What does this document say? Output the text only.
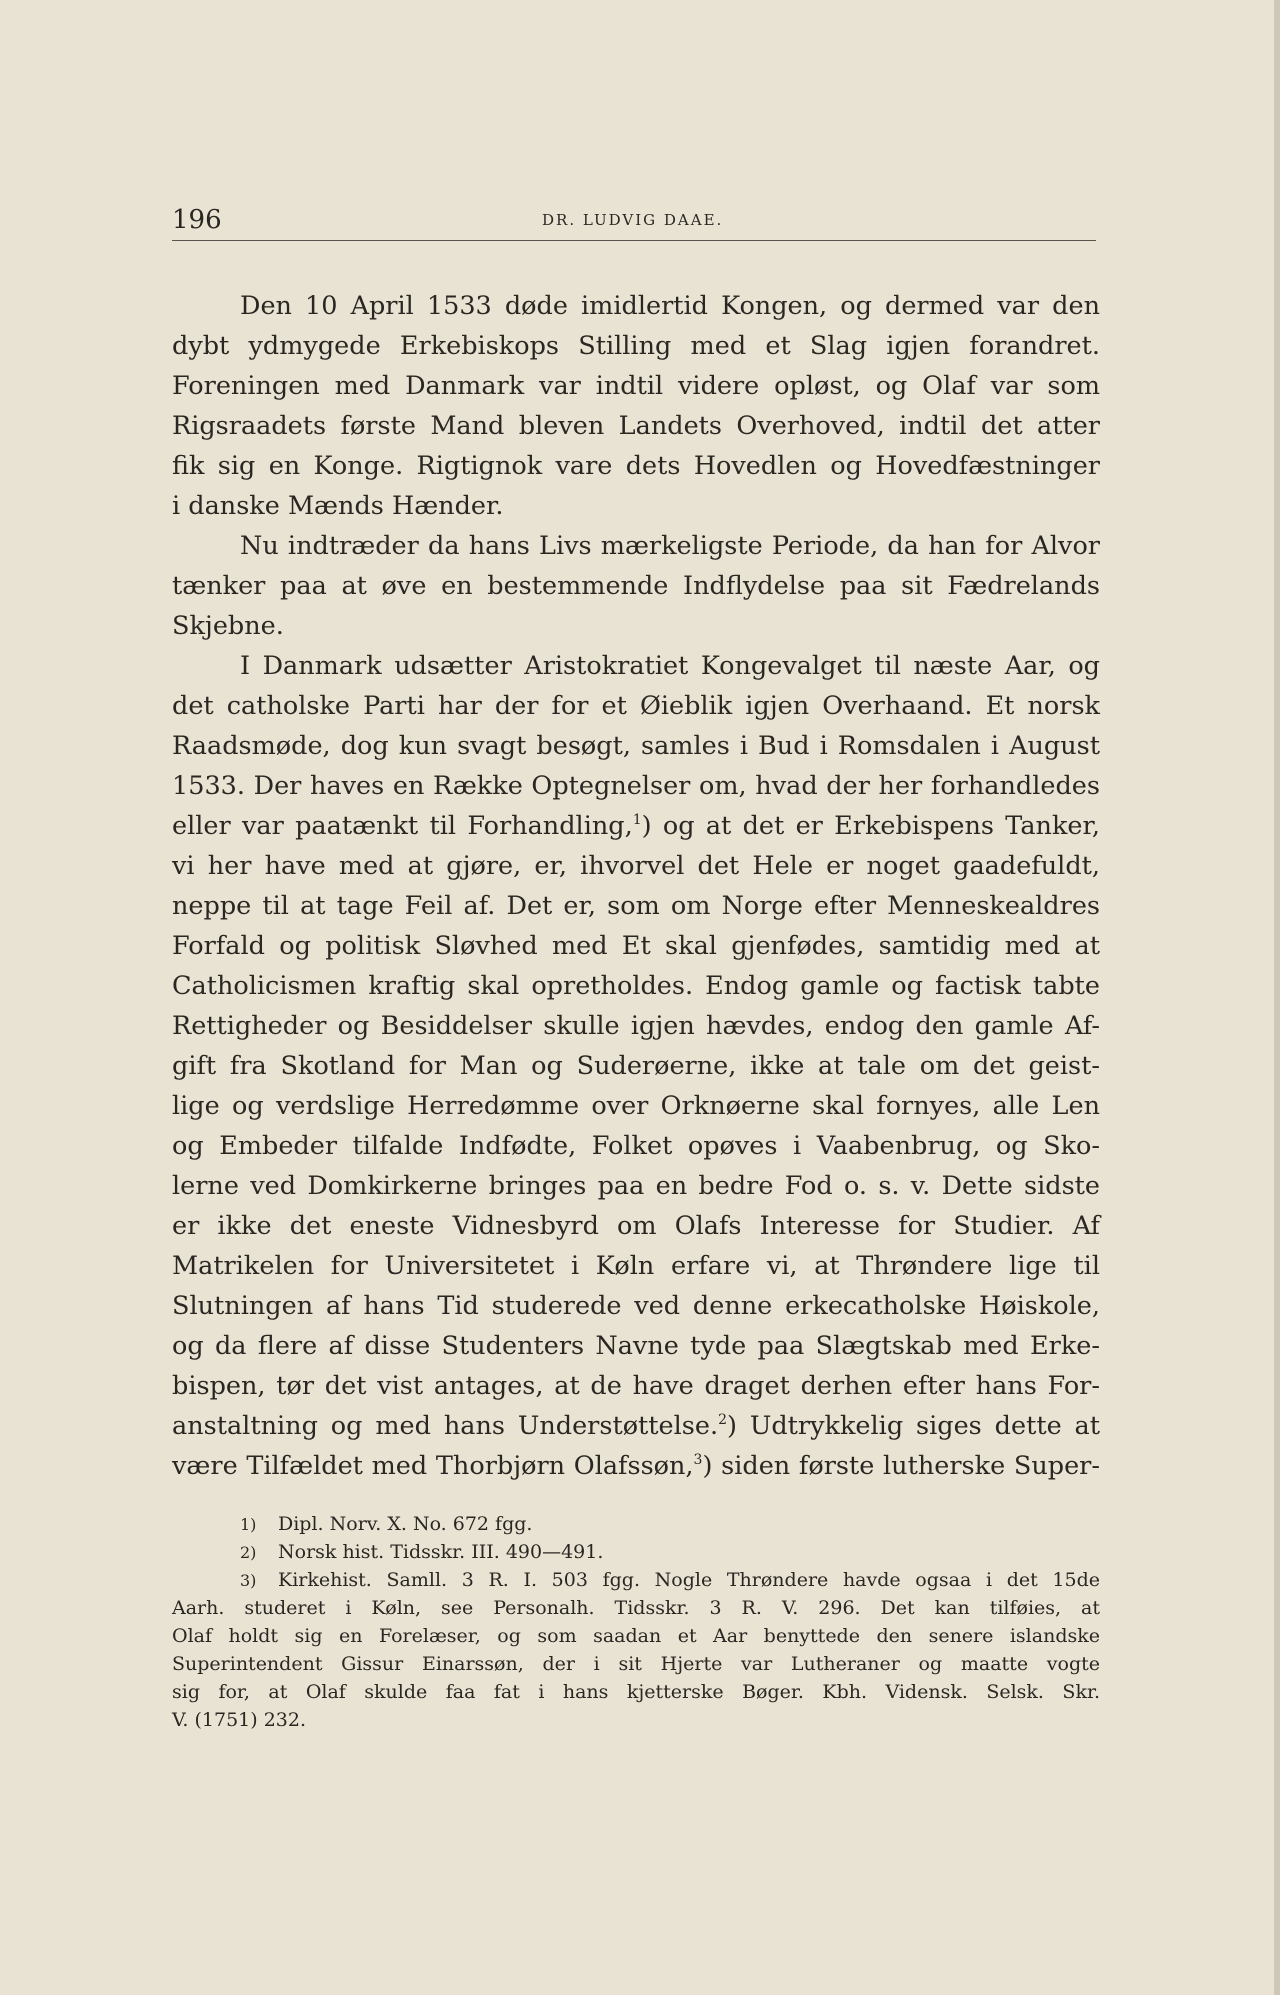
196	DR. LUDVIG DAAE.
Den 10 April 1533 døde imidlertid Kongen, og dermed var den
dybt ydmygede Erkebiskops Stilling med et Slag igjen forandret.
Foreningen med Danmark var indtil videre opløst, og Olaf var som
Rigsraadets første Mand bleven Landets Overhoved, indtil det atter
fik sig en Konge. Rigtignok vare dets Hovedlen og Hovedfæstninger
i danske Mænds Hænder.
Nu indtræder da hans Livs mærkeligste Periode, da han for Alvor
tænker paa at øve en bestemmende Indflydelse paa sit Fædrelands
Skjebne.
I Danmark udsætter Aristokratiet Kongevalget til næste Aar, og
det catholske Parti har der for et Øieblik igjen Overhaand. Et norsk
Raadsmøde, dog kun svagt besøgt, samles i Bud i Romsdalen i August
1533. Der haves en Række Optegnelser om, hvad der her forhandledes
eller var paatænkt til Forhandling,$^1$) og at det er Erkebispens Tanker,
vi her have med at gjøre, er, ihvorvel det Hele er noget gaadefuldt,
neppe til at tage Feil af. Det er, som om Norge efter Menneskealdres
Forfald og politisk Sløvhed med Et skal gjenfødes, samtidig med at
Catholicismen kraftig skal opretholdes. Endog gamle og factisk tabte
Rettigheder og Besiddelser skulle igjen hævdes, endog den gamle Af-
gift fra Skotland for Man og Suderøerne, ikke at tale om det geist-
lige og verdslige Herredømme over Orknøerne skal fornyes, alle Len
og Embeder tilfalde Indfødte, Folket opøves i Vaabenbrug, og Sko-
lerne ved Domkirkerne bringes paa en bedre Fod o. s. v. Dette sidste
er ikke det eneste Vidnesbyrd om Olafs Interesse for Studier. Af
Matrikelen for Universitetet i Køln erfare vi, at Thrøndere lige til
Slutningen af hans Tid studerede ved denne erkecatholske Høiskole,
og da flere af disse Studenters Navne tyde paa Slægtskab med Erke-
bispen, tør det vist antages, at de have draget derhen efter hans For-
anstaltning og med hans Understøttelse.$^2$) Udtrykkelig siges dette at
være Tilfældet med Thorbjørn Olafssøn,$^3$) siden første lutherske Super-
1) Dipl. Norv. X. No. 672 fgg.
2) Norsk hist. Tidsskr. III. 490—491.
3) Kirkehist. Samll. 3 R. I. 503 fgg. Nogle Thrøndere havde ogsaa i det 15de
Aarh. studeret i Køln, see Personalh. Tidsskr. 3 R. V. 296. Det kan tilføies, at
Olaf holdt sig en Forelæser, og som saadan et Aar benyttede den senere islandske
Superintendent Gissur Einarssøn, der i sit Hjerte var Lutheraner og maatte vogte
sig for, at Olaf skulde faa fat i hans kjetterske Bøger. Kbh. Vidensk. Selsk. Skr.
V. (1751) 232.
